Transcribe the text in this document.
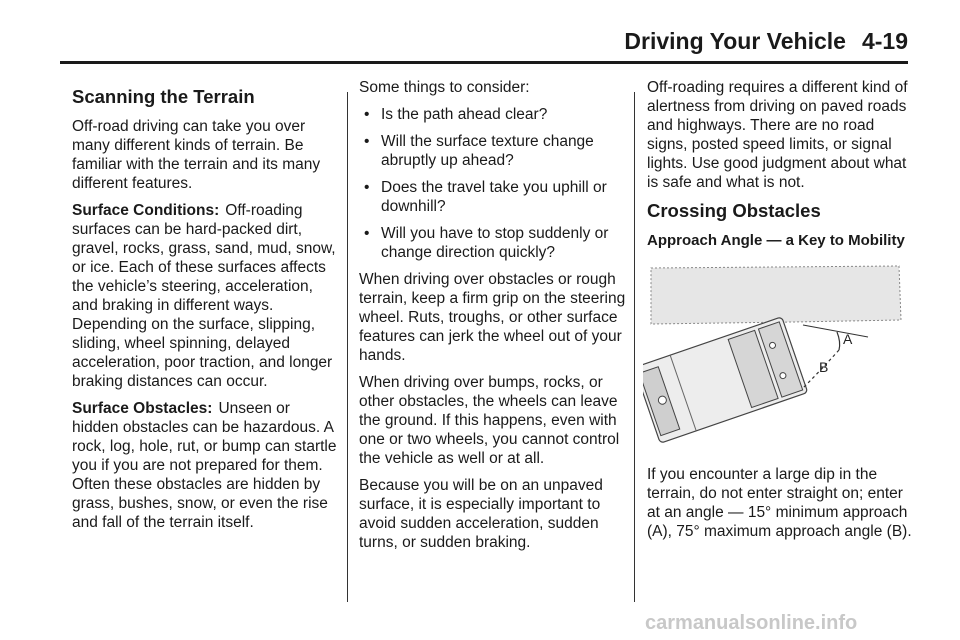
Driving Your Vehicle 4-19
Scanning the Terrain

Off-road driving can take you over many different kinds of terrain. Be familiar with the terrain and its many different features.

Surface Conditions: Off-roading surfaces can be hard-packed dirt, gravel, rocks, grass, sand, mud, snow, or ice. Each of these surfaces affects the vehicle’s steering, acceleration, and braking in different ways. Depending on the surface, slipping, sliding, wheel spinning, delayed acceleration, poor traction, and longer braking distances can occur.

Surface Obstacles: Unseen or hidden obstacles can be hazardous. A rock, log, hole, rut, or bump can startle you if you are not prepared for them. Often these obstacles are hidden by grass, bushes, snow, or even the rise and fall of the terrain itself.

Some things to consider:

• Is the path ahead clear?
• Will the surface texture change abruptly up ahead?
• Does the travel take you uphill or downhill?
• Will you have to stop suddenly or change direction quickly?

When driving over obstacles or rough terrain, keep a firm grip on the steering wheel. Ruts, troughs, or other surface features can jerk the wheel out of your hands.

When driving over bumps, rocks, or other obstacles, the wheels can leave the ground. If this happens, even with one or two wheels, you cannot control the vehicle as well or at all.

Because you will be on an unpaved surface, it is especially important to avoid sudden acceleration, sudden turns, or sudden braking.

Off-roading requires a different kind of alertness from driving on paved roads and highways. There are no road signs, posted speed limits, or signal lights. Use good judgment about what is safe and what is not.

Crossing Obstacles
Approach Angle — a Key to Mobility
A
B

If you encounter a large dip in the terrain, do not enter straight on; enter at an angle — 15° minimum approach (A), 75° maximum approach angle (B).

carmanualsonline.info
